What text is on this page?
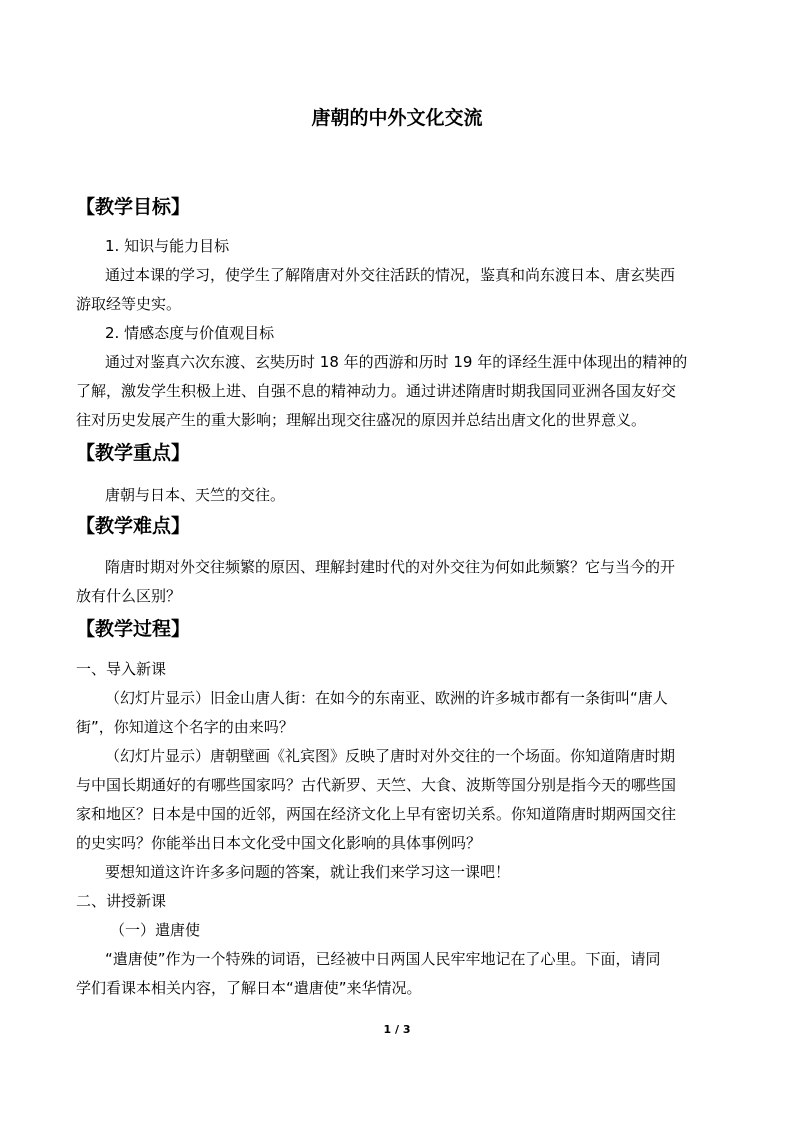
唐朝的中外文化交流
【教学目标】
1. 知识与能力目标
通过本课的学习，使学生了解隋唐对外交往活跃的情况，鉴真和尚东渡日本、唐玄奘西
游取经等史实。
2. 情感态度与价值观目标
通过对鉴真六次东渡、玄奘历时 18 年的西游和历时 19 年的译经生涯中体现出的精神的
了解，激发学生积极上进、自强不息的精神动力。通过讲述隋唐时期我国同亚洲各国友好交
往对历史发展产生的重大影响；理解出现交往盛况的原因并总结出唐文化的世界意义。
【教学重点】
唐朝与日本、天竺的交往。
【教学难点】
隋唐时期对外交往频繁的原因、理解封建时代的对外交往为何如此频繁？它与当今的开
放有什么区别？
【教学过程】
一、导入新课
（幻灯片显示）旧金山唐人街：在如今的东南亚、欧洲的许多城市都有一条街叫“唐人
街”，你知道这个名字的由来吗？
（幻灯片显示）唐朝壁画《礼宾图》反映了唐时对外交往的一个场面。你知道隋唐时期
与中国长期通好的有哪些国家吗？古代新罗、天竺、大食、波斯等国分别是指今天的哪些国
家和地区？日本是中国的近邻，两国在经济文化上早有密切关系。你知道隋唐时期两国交往
的史实吗？你能举出日本文化受中国文化影响的具体事例吗？
要想知道这许许多多问题的答案，就让我们来学习这一课吧！
二、讲授新课
（一）遣唐使
“遣唐使”作为一个特殊的词语，已经被中日两国人民牢牢地记在了心里。下面，请同
学们看课本相关内容，了解日本“遣唐使”来华情况。
1 / 3
